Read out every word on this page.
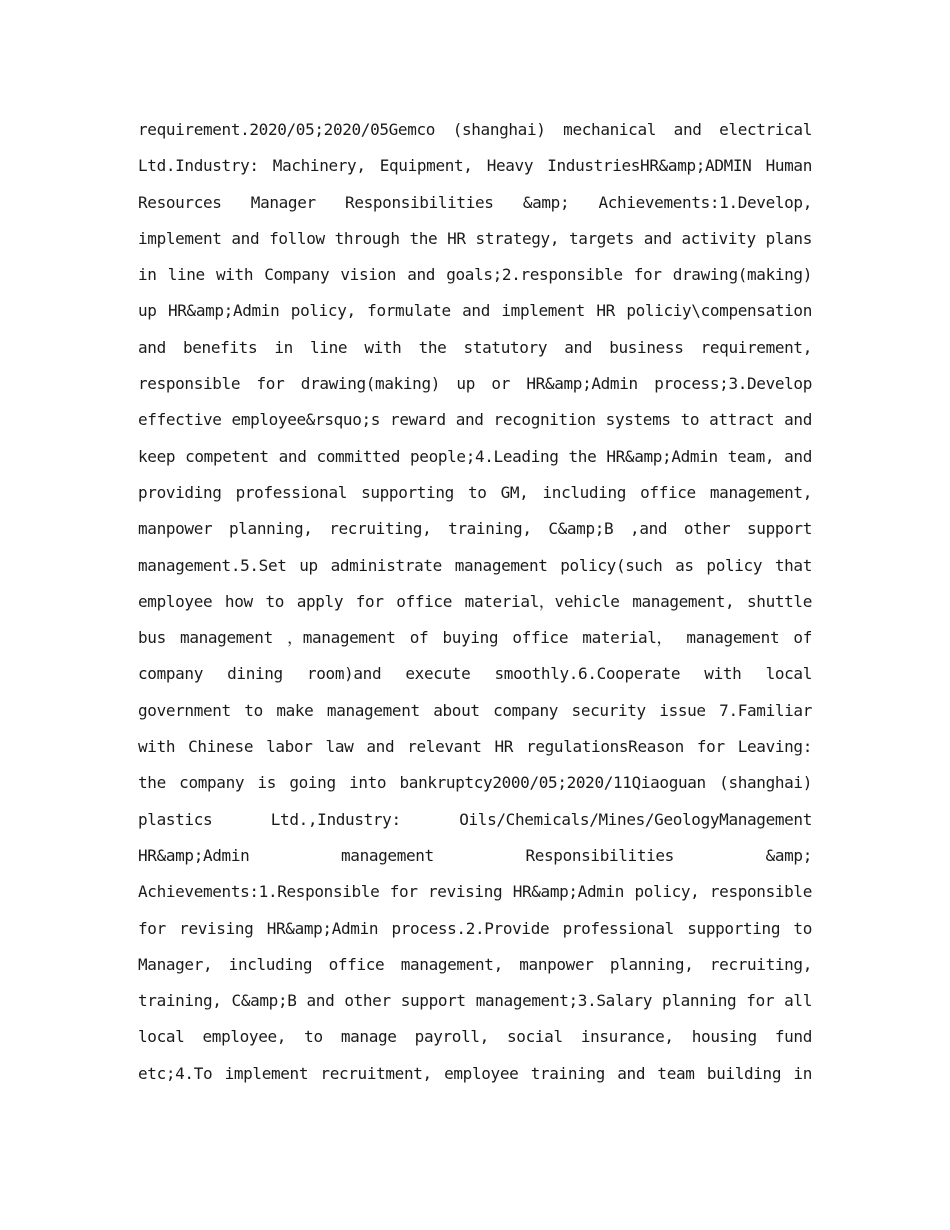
requirement.2020/05;2020/05Gemco (shanghai) mechanical and electrical
Ltd.Industry: Machinery, Equipment, Heavy IndustriesHR&amp;ADMIN Human
Resources Manager Responsibilities &amp; Achievements:1.Develop,
implement and follow through the HR strategy, targets and activity plans
in line with Company vision and goals;2.responsible for drawing(making)
up HR&amp;Admin policy, formulate and implement HR policiy\compensation
and benefits in line with the statutory and business requirement,
responsible for drawing(making) up or HR&amp;Admin process;3.Develop
effective employee&rsquo;s reward and recognition systems to attract and
keep competent and committed people;4.Leading the HR&amp;Admin team, and
providing professional supporting to GM, including office management,
manpower planning, recruiting, training, C&amp;B ,and other support
management.5.Set up administrate management policy(such as policy that
employee how to apply for office material，vehicle management, shuttle
bus management ，management of buying office material， management of
company dining room)and execute smoothly.6.Cooperate with local
government to make management about company security issue 7.Familiar
with Chinese labor law and relevant HR regulationsReason for Leaving:
the company is going into bankruptcy2000/05;2020/11Qiaoguan (shanghai)
plastics Ltd.,Industry: Oils/Chemicals/Mines/GeologyManagement
HR&amp;Admin management Responsibilities &amp;
Achievements:1.Responsible for revising HR&amp;Admin policy, responsible
for revising HR&amp;Admin process.2.Provide professional supporting to
Manager, including office management, manpower planning, recruiting,
training, C&amp;B and other support management;3.Salary planning for all
local employee, to manage payroll, social insurance, housing fund
etc;4.To implement recruitment, employee training and team building in
